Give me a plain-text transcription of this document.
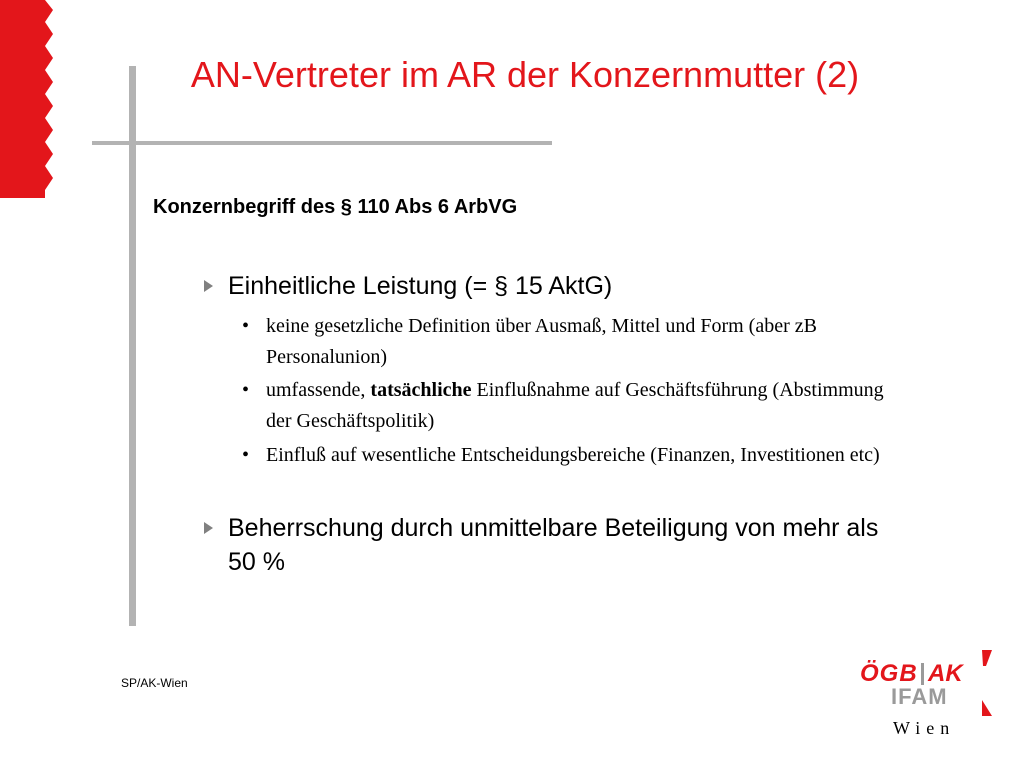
AN-Vertreter im AR der Konzernmutter (2)
Konzernbegriff des § 110 Abs 6 ArbVG
Einheitliche Leistung (= § 15 AktG)
• keine gesetzliche Definition über Ausmaß, Mittel und Form (aber zB Personalunion)
• umfassende, tatsächliche Einflußnahme auf Geschäftsführung (Abstimmung der Geschäftspolitik)
• Einfluß auf wesentliche Entscheidungsbereiche (Finanzen, Investitionen etc)
Beherrschung durch unmittelbare Beteiligung von mehr als 50 %
SP/AK-Wien	ÖGB AK
IFAM
Wien
